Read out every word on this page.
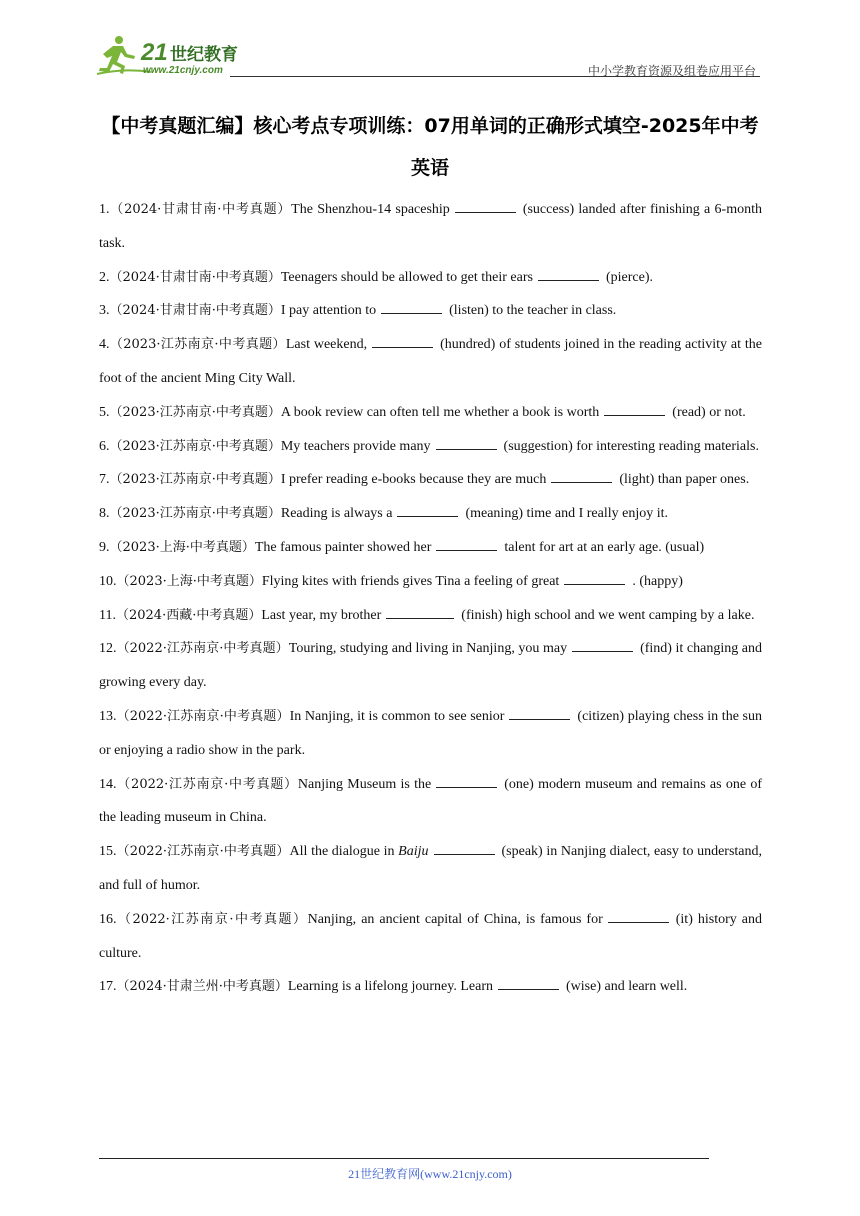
21 世纪教育
www.21cnjy.com	中小学教育资源及组卷应用平台
【中考真题汇编】核心考点专项训练：07用单词的正确形式填空-2025年中考英语
1.（2024·甘肃甘南·中考真题）The Shenzhou-14 spaceship	(success) landed after finishing a 6-month task.
2.（2024·甘肃甘南·中考真题）Teenagers should be allowed to get their ears	(pierce).
3.（2024·甘肃甘南·中考真题）I pay attention to	(listen) to the teacher in class.
4.（2023·江苏南京·中考真题）Last weekend,	(hundred) of students joined in the reading activity at the foot of the ancient Ming City Wall.
5.（2023·江苏南京·中考真题）A book review can often tell me whether a book is worth	(read) or not.
6.（2023·江苏南京·中考真题）My teachers provide many	(suggestion) for interesting reading materials.
7.（2023·江苏南京·中考真题）I prefer reading e-books because they are much	(light) than paper ones.
8.（2023·江苏南京·中考真题）Reading is always a	(meaning) time and I really enjoy it.
9.（2023·上海·中考真题）The famous painter showed her	talent for art at an early age. (usual)
10.（2023·上海·中考真题）Flying kites with friends gives Tina a feeling of great	. (happy)
11.（2024·西藏·中考真题）Last year, my brother	(finish) high school and we went camping by a lake.
12.（2022·江苏南京·中考真题）Touring, studying and living in Nanjing, you may	(find) it changing and growing every day.
13.（2022·江苏南京·中考真题）In Nanjing, it is common to see senior	(citizen) playing chess in the sun or enjoying a radio show in the park.
14.（2022·江苏南京·中考真题）Nanjing Museum is the	(one) modern museum and remains as one of the leading museum in China.
15.（2022·江苏南京·中考真题）All the dialogue in Baiju	(speak) in Nanjing dialect, easy to understand, and full of humor.
16.（2022·江苏南京·中考真题）Nanjing, an ancient capital of China, is famous for	(it) history and culture.
17.（2024·甘肃兰州·中考真题）Learning is a lifelong journey. Learn	(wise) and learn well.
21世纪教育网(www.21cnjy.com)
